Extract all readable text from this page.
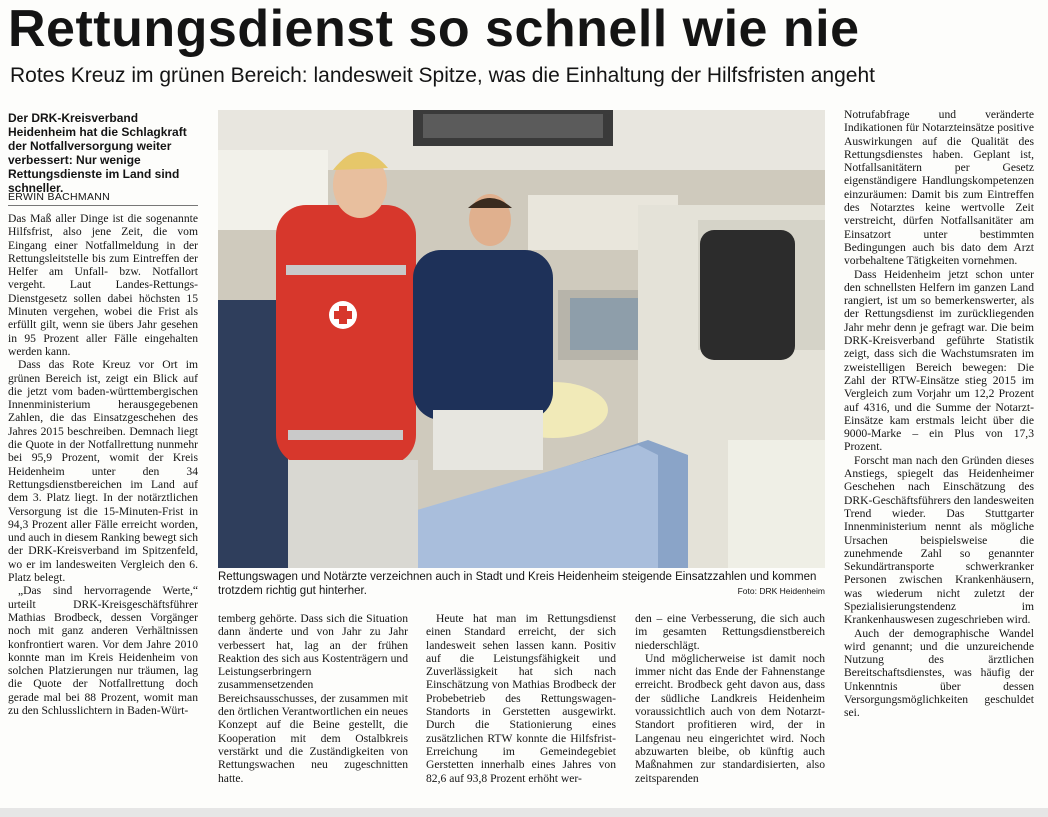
Rettungsdienst so schnell wie nie
Rotes Kreuz im grünen Bereich: landesweit Spitze, was die Einhaltung der Hilfsfristen angeht

Der DRK-Kreisverband Heidenheim hat die Schlagkraft der Notfallversorgung weiter verbessert: Nur wenige Rettungsdienste im Land sind schneller.

ERWIN BACHMANN

Das Maß aller Dinge ist die sogenannte Hilfsfrist, also jene Zeit, die vom Eingang einer Notfallmeldung in der Rettungsleitstelle bis zum Eintreffen der Helfer am Unfall- bzw. Notfallort vergeht. Laut Landes-Rettungs-Dienstgesetz sollen dabei höchsten 15 Minuten vergehen, wobei die Frist als erfüllt gilt, wenn sie übers Jahr gesehen in 95 Prozent aller Fälle eingehalten werden kann.

Dass das Rote Kreuz vor Ort im grünen Bereich ist, zeigt ein Blick auf die jetzt vom baden-württembergischen Innenministerium herausgegebenen Zahlen, die das Einsatzgeschehen des Jahres 2015 beschreiben. Demnach liegt die Quote in der Notfallrettung nunmehr bei 95,9 Prozent, womit der Kreis Heidenheim unter den 34 Rettungsdienstbereichen im Land auf dem 3. Platz liegt. In der notärztlichen Versorgung ist die 15-Minuten-Frist in 94,3 Prozent aller Fälle erreicht worden, und auch in diesem Ranking bewegt sich der DRK-Kreisverband im Spitzenfeld, wo er im landesweiten Vergleich den 6. Platz belegt.

„Das sind hervorragende Werte,“ urteilt DRK-Kreisgeschäftsführer Mathias Brodbeck, dessen Vorgänger noch mit ganz anderen Verhältnissen konfrontiert waren. Vor dem Jahre 2010 konnte man im Kreis Heidenheim von solchen Platzierungen nur träumen, lag die Quote der Notfallrettung doch gerade mal bei 88 Prozent, womit man zu den Schlusslichtern in Baden-Würt-

Rettungswagen und Notärzte verzeichnen auch in Stadt und Kreis Heidenheim steigende Einsatzzahlen und kommen trotzdem richtig gut hinterher.	Foto: DRK Heidenheim

temberg gehörte. Dass sich die Situation dann änderte und von Jahr zu Jahr verbessert hat, lag an der frühen Reaktion des sich aus Kostenträgern und Leistungserbringern zusammensetzenden Bereichsausschusses, der zusammen mit den örtlichen Verantwortlichen ein neues Konzept auf die Beine gestellt, die Kooperation mit dem Ostalbkreis verstärkt und die Zuständigkeiten von Rettungswachen neu zugeschnitten hatte.

Heute hat man im Rettungsdienst einen Standard erreicht, der sich landesweit sehen lassen kann. Positiv auf die Leistungsfähigkeit und Zuverlässigkeit hat sich nach Einschätzung von Mathias Brodbeck der Probebetrieb des Rettungswagen-Standorts in Gerstetten ausgewirkt. Durch die Stationierung eines zusätzlichen RTW konnte die Hilfsfrist-Erreichung im Gemeindegebiet Gerstetten innerhalb eines Jahres von 82,6 auf 93,8 Prozent erhöht wer-

den – eine Verbesserung, die sich auch im gesamten Rettungsdienstbereich niederschlägt.

Und möglicherweise ist damit noch immer nicht das Ende der Fahnenstange erreicht. Brodbeck geht davon aus, dass der südliche Landkreis Heidenheim voraussichtlich auch von dem Notarzt-Standort profitieren wird, der in Langenau neu eingerichtet wird. Noch abzuwarten bleibe, ob künftig auch Maßnahmen zur standardisierten, also zeitsparenden

Notrufabfrage und veränderte Indikationen für Notarzteinsätze positive Auswirkungen auf die Qualität des Rettungsdienstes haben. Geplant ist, Notfallsanitätern per Gesetz eigenständigere Handlungskompetenzen einzuräumen: Damit bis zum Eintreffen des Notarztes keine wertvolle Zeit verstreicht, dürfen Notfallsanitäter am Einsatzort unter bestimmten Bedingungen auch bis dato dem Arzt vorbehaltene Tätigkeiten vornehmen.

Dass Heidenheim jetzt schon unter den schnellsten Helfern im ganzen Land rangiert, ist um so bemerkenswerter, als der Rettungsdienst im zurückliegenden Jahr mehr denn je gefragt war. Die beim DRK-Kreisverband geführte Statistik zeigt, dass sich die Wachstumsraten im zweistelligen Bereich bewegen: Die Zahl der RTW-Einsätze stieg 2015 im Vergleich zum Vorjahr um 12,2 Prozent auf 4316, und die Summe der Notarzt-Einsätze kam erstmals leicht über die 9000-Marke – ein Plus von 17,3 Prozent.

Forscht man nach den Gründen dieses Anstiegs, spiegelt das Heidenheimer Geschehen nach Einschätzung des DRK-Geschäftsführers den landesweiten Trend wieder. Das Stuttgarter Innenministerium nennt als mögliche Ursachen beispielsweise die zunehmende Zahl so genannter Sekundärtransporte schwerkranker Personen zwischen Krankenhäusern, was wiederum nicht zuletzt der Spezialisierungstendenz im Krankenhauswesen zugeschrieben wird.

Auch der demographische Wandel wird genannt; und die unzureichende Nutzung des ärztlichen Bereitschaftsdienstes, was häufig der Unkenntnis über dessen Versorgungsmöglichkeiten geschuldet sei.
